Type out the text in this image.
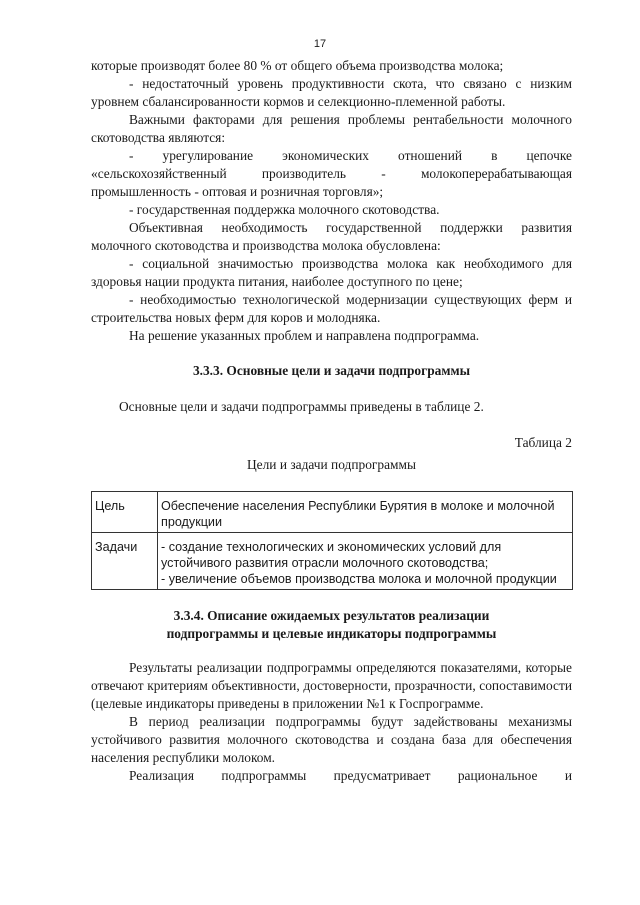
17

которые производят более 80 % от общего объема производства молока;

- недостаточный уровень продуктивности скота, что связано с низким уровнем сбалансированности кормов и селекционно-племенной работы.

Важными факторами для решения проблемы рентабельности молочного скотоводства являются:

- урегулирование экономических отношений в цепочке «сельскохозяйственный производитель - молокоперерабатывающая промышленность - оптовая и розничная торговля»;

- государственная поддержка молочного скотоводства.

Объективная необходимость государственной поддержки развития молочного скотоводства и производства молока обусловлена:

- социальной значимостью производства молока как необходимого для здоровья нации продукта питания, наиболее доступного по цене;

- необходимостью технологической модернизации существующих ферм и строительства новых ферм для коров и молодняка.

На решение указанных проблем и направлена подпрограмма.

3.3.3. Основные цели и задачи подпрограммы

Основные цели и задачи подпрограммы приведены в таблице 2.

Таблица 2

Цели и задачи подпрограммы

Цель	Обеспечение населения Республики Бурятия в молоке и молочной продукции

Задачи	- создание технологических и экономических условий для устойчивого развития отрасли молочного скотоводства;
- увеличение объемов производства молока и молочной продукции
3.3.4. Описание ожидаемых результатов реализации
подпрограммы и целевые индикаторы подпрограммы

Результаты реализации подпрограммы определяются показателями, которые отвечают критериям объективности, достоверности, прозрачности, сопоставимости (целевые индикаторы приведены в приложении №1 к Госпрограмме.

В период реализации подпрограммы будут задействованы механизмы устойчивого развития молочного скотоводства и создана база для обеспечения населения республики молоком.

Реализация подпрограммы предусматривает рациональное и
